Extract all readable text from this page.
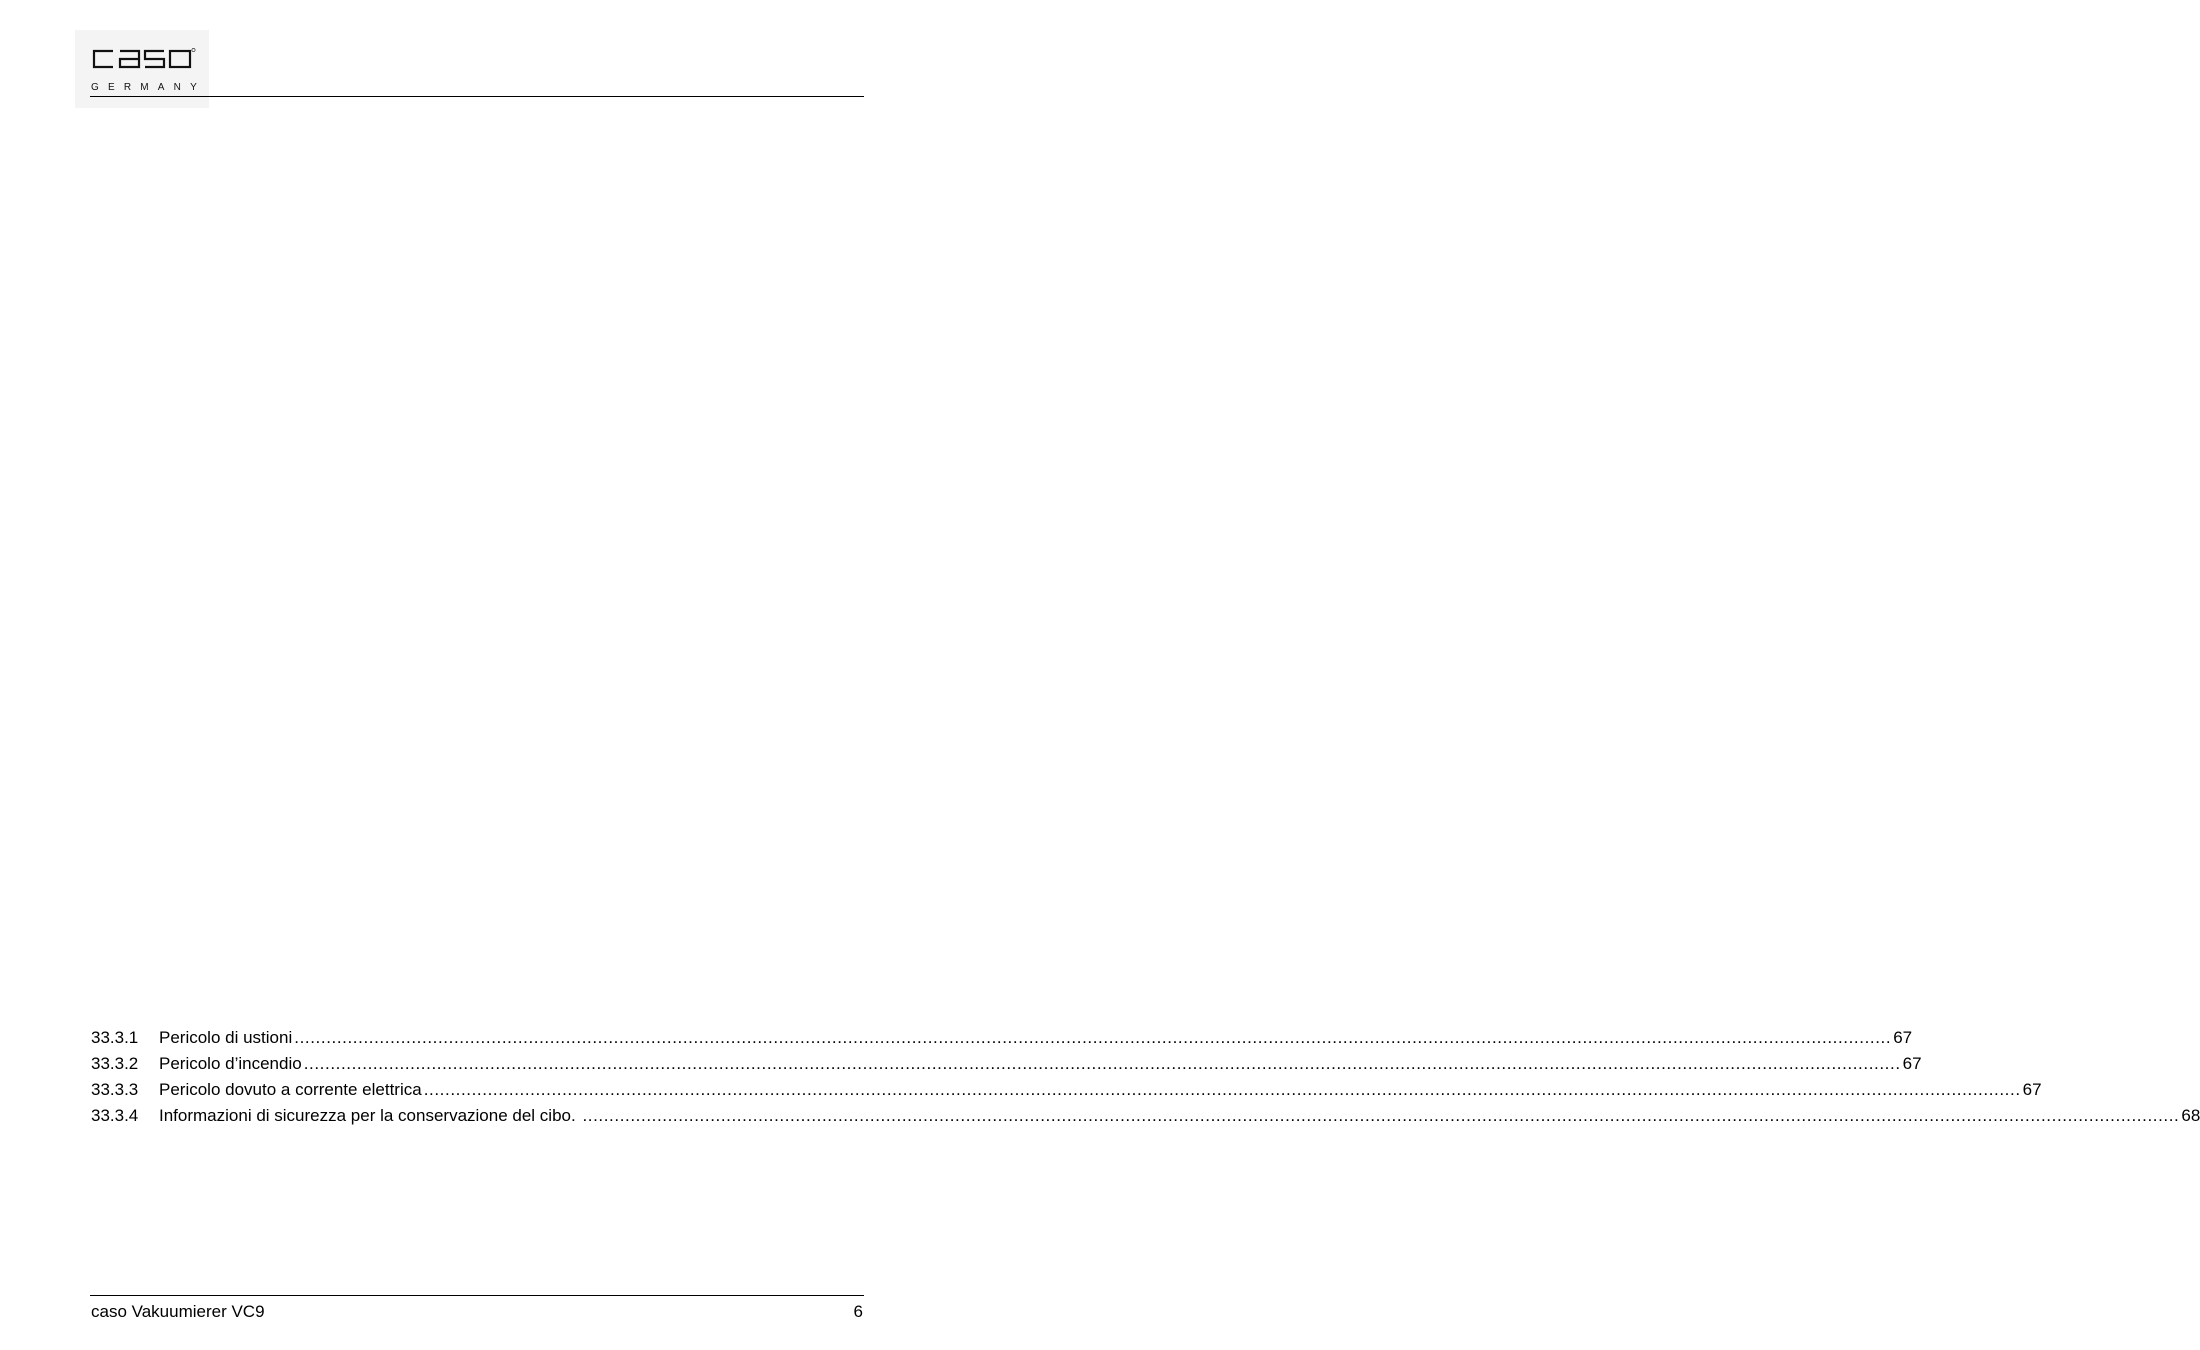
GERMANY
33.3.1	Pericolo di ustioni ............................................................................................................................................................................................................................................................................................................ 67
33.3.2	Pericolo d’incendio ............................................................................................................................................................................................................................................................................................................ 67
33.3.3	Pericolo dovuto a corrente elettrica ............................................................................................................................................................................................................................................................................................................ 67
33.3.4	Informazioni di sicurezza per la conservazione del cibo. ............................................................................................................................................................................................................................................................................................................ 68
caso Vakuumierer VC9	6
